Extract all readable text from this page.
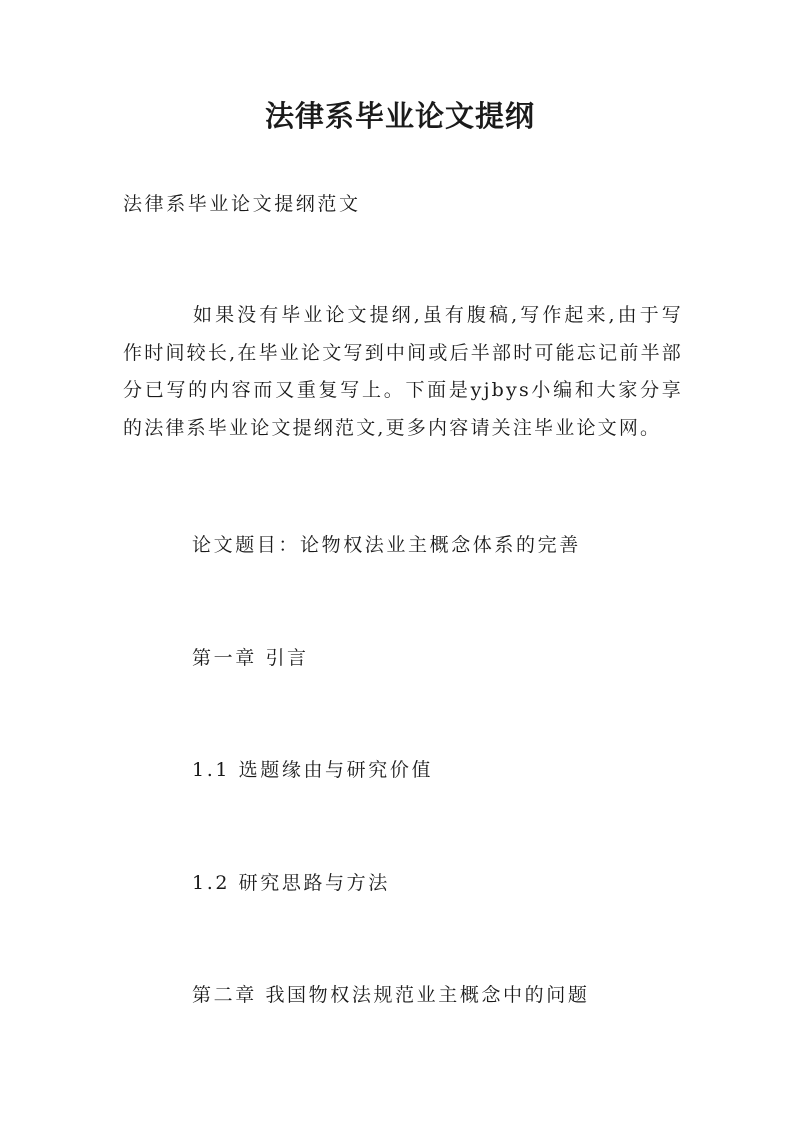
法律系毕业论文提纲
法律系毕业论文提纲范文
如果没有毕业论文提纲,虽有腹稿,写作起来,由于写作时间较长,在毕业论文写到中间或后半部时可能忘记前半部分已写的内容而又重复写上。下面是yjbys小编和大家分享的法律系毕业论文提纲范文,更多内容请关注毕业论文网。
论文题目：论物权法业主概念体系的完善
第一章 引言
1.1 选题缘由与研究价值
1.2 研究思路与方法
第二章 我国物权法规范业主概念中的问题
